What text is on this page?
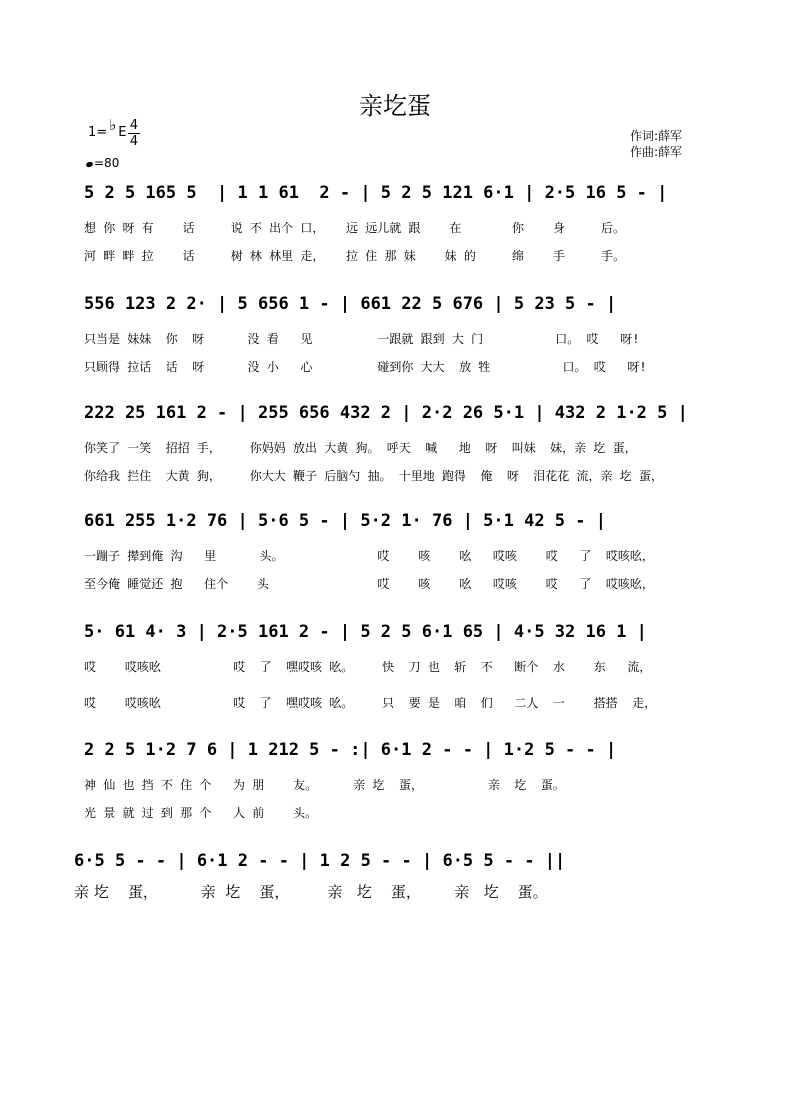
亲圪蛋
1= ♭ E 4
4
=80
作词:薛军
作曲:薛军
5 2 5 165 5  | 1 1 61  2 - | 5 2 5 121 6·1 | 2·5 16 5 - |
想 你 呀 有    话     说 不 出个 口，   远 远儿就 跟    在       你    身     后。
河 畔 畔 拉    话     树 林 林里 走，   拉 住 那 妹    妹 的     绵    手     手。
556 123 2 2· | 5 656 1 - | 661 22 5 676 | 5 23 5 - |
只当是 妹妹  你  呀      没 看   见         一跟就 跟到 大 门          口。 哎   呀!
只顾得 拉话  话  呀      没 小   心         碰到你 大大  放 牲          口。 哎   呀!
222 25 161 2 - | 255 656 432 2 | 2·2 26 5·1 | 432 2 1·2 5 |
你笑了 一笑  招招 手，    你妈妈 放出 大黄 狗。 呼天  喊   地  呀  叫妹  妹，亲 圪 蛋，
你给我 拦住  大黄 狗，    你大大 鞭子 后脑勺 抽。 十里地 跑得  俺  呀  泪花花 流，亲 圪 蛋，
661 255 1·2 76 | 5·6 5 - | 5·2 1· 76 | 5·1 42 5 - |
一蹦子 撵到俺 沟   里      头。             哎    咳    吆   哎咳    哎   了  哎咳吆，
至今俺 睡觉还 抱   住个    头               哎    咳    吆   哎咳    哎   了  哎咳吆，
5· 61 4· 3 | 2·5 161 2 - | 5 2 5 6·1 65 | 4·5 32 16 1 |
哎    哎咳吆          哎  了  嘿哎咳 吆。    快  刀 也  斩  不   断个  水    东   流，
哎    哎咳吆          哎  了  嘿哎咳 吆。    只  要 是  咱  们   二人  一    搭搭  走，
2 2 5 1·2 7 6 | 1 212 5 - :| 6·1 2 - - | 1·2 5 - - |
神 仙 也 挡 不 住 个   为 朋    友。     亲 圪  蛋，         亲  圪  蛋。
光 景 就 过 到 那 个   人 前    头。
6·5 5 - - | 6·1 2 - - | 1 2 5 - - | 6·5 5 - - ||
亲 圪    蛋，         亲  圪    蛋，        亲   圪    蛋，       亲   圪    蛋。
